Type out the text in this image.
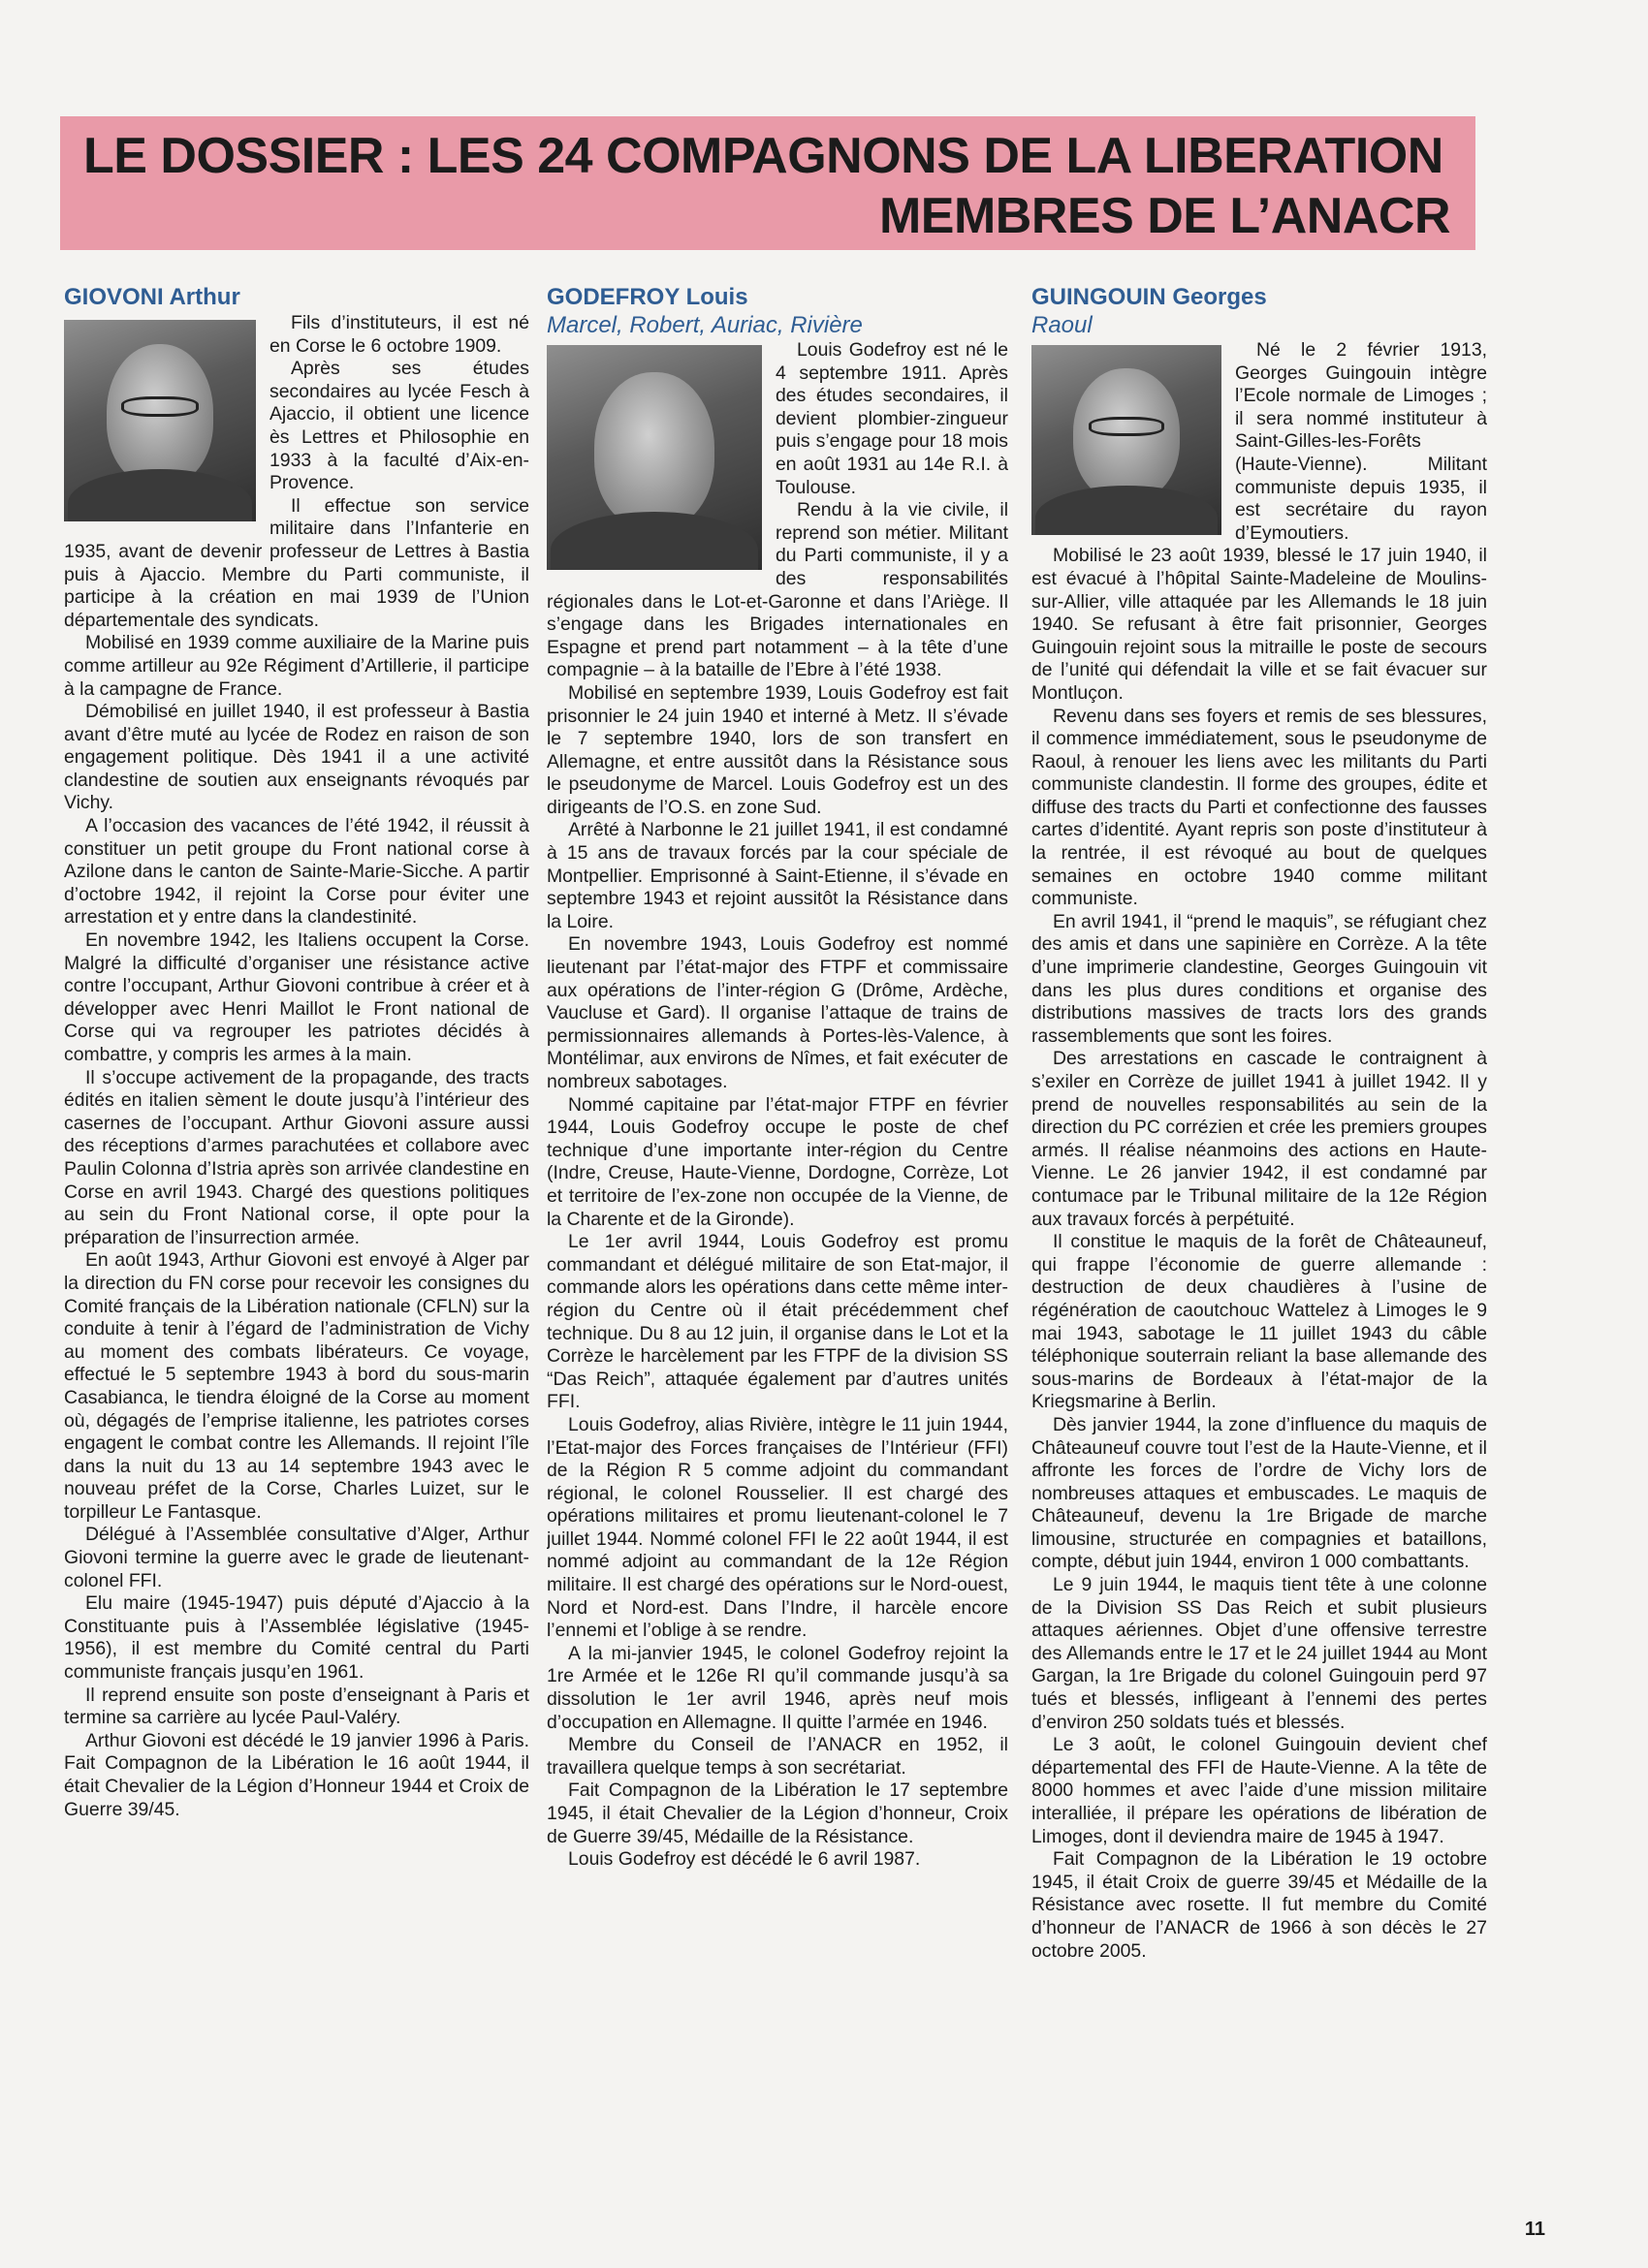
LE DOSSIER : LES 24 COMPAGNONS DE LA LIBERATION
MEMBRES DE L’ANACR
GIOVONI Arthur

Fils d’instituteurs, il est né en Corse le 6 octobre 1909.

Après ses études secondaires au lycée Fesch à Ajaccio, il obtient une licence ès Lettres et Philosophie en 1933 à la faculté d’Aix-en-Provence.

Il effectue son service militaire dans l’Infanterie en 1935, avant de devenir professeur de Lettres à Bastia puis à Ajaccio. Membre du Parti communiste, il participe à la création en mai 1939 de l’Union départementale des syndicats.

Mobilisé en 1939 comme auxiliaire de la Marine puis comme artilleur au 92e Régiment d’Artillerie, il participe à la campagne de France.

Démobilisé en juillet 1940, il est professeur à Bastia avant d’être muté au lycée de Rodez en raison de son engagement politique. Dès 1941 il a une activité clandestine de soutien aux enseignants révoqués par Vichy.

A l’occasion des vacances de l’été 1942, il réussit à constituer un petit groupe du Front national corse à Azilone dans le canton de Sainte-Marie-Sicche. A partir d’octobre 1942, il rejoint la Corse pour éviter une arrestation et y entre dans la clandestinité.

En novembre 1942, les Italiens occupent la Corse. Malgré la difficulté d’organiser une résistance active contre l’occupant, Arthur Giovoni contribue à créer et à développer avec Henri Maillot le Front national de Corse qui va regrouper les patriotes décidés à combattre, y compris les armes à la main.

Il s’occupe activement de la propagande, des tracts édités en italien sèment le doute jusqu’à l’intérieur des casernes de l’occupant. Arthur Giovoni assure aussi des réceptions d’armes parachutées et collabore avec Paulin Colonna d’Istria après son arrivée clandestine en Corse en avril 1943. Chargé des questions politiques au sein du Front National corse, il opte pour la préparation de l’insurrection armée.

En août 1943, Arthur Giovoni est envoyé à Alger par la direction du FN corse pour recevoir les consignes du Comité français de la Libération nationale (CFLN) sur la conduite à tenir à l’égard de l’administration de Vichy au moment des combats libérateurs. Ce voyage, effectué le 5 septembre 1943 à bord du sous-marin Casabianca, le tiendra éloigné de la Corse au moment où, dégagés de l’emprise italienne, les patriotes corses engagent le combat contre les Allemands. Il rejoint l’île dans la nuit du 13 au 14 septembre 1943 avec le nouveau préfet de la Corse, Charles Luizet, sur le torpilleur Le Fantasque.

Délégué à l’Assemblée consultative d’Alger, Arthur Giovoni termine la guerre avec le grade de lieutenant-colonel FFI.

Elu maire (1945-1947) puis député d’Ajaccio à la Constituante puis à l’Assemblée législative (1945-1956), il est membre du Comité central du Parti communiste français jusqu’en 1961.

Il reprend ensuite son poste d’enseignant à Paris et termine sa carrière au lycée Paul-Valéry.

Arthur Giovoni est décédé le 19 janvier 1996 à Paris. Fait Compagnon de la Libération le 16 août 1944, il était Chevalier de la Légion d’Honneur 1944 et Croix de Guerre 39/45.

GODEFROY Louis
Marcel, Robert, Auriac, Rivière

Louis Godefroy est né le 4 septembre 1911. Après des études secondaires, il devient plombier-zingueur puis s’engage pour 18 mois en août 1931 au 14e R.I. à Toulouse.

Rendu à la vie civile, il reprend son métier. Militant du Parti communiste, il y a des responsabilités régionales dans le Lot-et-Garonne et dans l’Ariège. Il s’engage dans les Brigades internationales en Espagne et prend part notamment – à la tête d’une compagnie – à la bataille de l’Ebre à l’été 1938.

Mobilisé en septembre 1939, Louis Godefroy est fait prisonnier le 24 juin 1940 et interné à Metz. Il s’évade le 7 septembre 1940, lors de son transfert en Allemagne, et entre aussitôt dans la Résistance sous le pseudonyme de Marcel. Louis Godefroy est un des dirigeants de l’O.S. en zone Sud.

Arrêté à Narbonne le 21 juillet 1941, il est condamné à 15 ans de travaux forcés par la cour spéciale de Montpellier. Emprisonné à Saint-Etienne, il s’évade en septembre 1943 et rejoint aussitôt la Résistance dans la Loire.

En novembre 1943, Louis Godefroy est nommé lieutenant par l’état-major des FTPF et commissaire aux opérations de l’inter-région G (Drôme, Ardèche, Vaucluse et Gard). Il organise l’attaque de trains de permissionnaires allemands à Portes-lès-Valence, à Montélimar, aux environs de Nîmes, et fait exécuter de nombreux sabotages.

Nommé capitaine par l’état-major FTPF en février 1944, Louis Godefroy occupe le poste de chef technique d’une importante inter-région du Centre (Indre, Creuse, Haute-Vienne, Dordogne, Corrèze, Lot et territoire de l’ex-zone non occupée de la Vienne, de la Charente et de la Gironde).

Le 1er avril 1944, Louis Godefroy est promu commandant et délégué militaire de son Etat-major, il commande alors les opérations dans cette même inter-région du Centre où il était précédemment chef technique. Du 8 au 12 juin, il organise dans le Lot et la Corrèze le harcèlement par les FTPF de la division SS “Das Reich”, attaquée également par d’autres unités FFI.

Louis Godefroy, alias Rivière, intègre le 11 juin 1944, l’Etat-major des Forces françaises de l’Intérieur (FFI) de la Région R 5 comme adjoint du commandant régional, le colonel Rousselier. Il est chargé des opérations militaires et promu lieutenant-colonel le 7 juillet 1944. Nommé colonel FFI le 22 août 1944, il est nommé adjoint au commandant de la 12e Région militaire. Il est chargé des opérations sur le Nord-ouest, Nord et Nord-est. Dans l’Indre, il harcèle encore l’ennemi et l’oblige à se rendre.

A la mi-janvier 1945, le colonel Godefroy rejoint la 1re Armée et le 126e RI qu’il commande jusqu’à sa dissolution le 1er avril 1946, après neuf mois d’occupation en Allemagne. Il quitte l’armée en 1946.

Membre du Conseil de l’ANACR en 1952, il travaillera quelque temps à son secrétariat.

Fait Compagnon de la Libération le 17 septembre 1945, il était Chevalier de la Légion d’honneur, Croix de Guerre 39/45, Médaille de la Résistance.

Louis Godefroy est décédé le 6 avril 1987.

GUINGOUIN Georges
Raoul

Né le 2 février 1913, Georges Guingouin intègre l’Ecole normale de Limoges ; il sera nommé instituteur à Saint-Gilles-les-Forêts (Haute-Vienne). Militant communiste depuis 1935, il est secrétaire du rayon d’Eymoutiers.

Mobilisé le 23 août 1939, blessé le 17 juin 1940, il est évacué à l’hôpital Sainte-Madeleine de Moulins-sur-Allier, ville attaquée par les Allemands le 18 juin 1940. Se refusant à être fait prisonnier, Georges Guingouin rejoint sous la mitraille le poste de secours de l’unité qui défendait la ville et se fait évacuer sur Montluçon.

Revenu dans ses foyers et remis de ses blessures, il commence immédiatement, sous le pseudonyme de Raoul, à renouer les liens avec les militants du Parti communiste clandestin. Il forme des groupes, édite et diffuse des tracts du Parti et confectionne des fausses cartes d’identité. Ayant repris son poste d’instituteur à la rentrée, il est révoqué au bout de quelques semaines en octobre 1940 comme militant communiste.

En avril 1941, il “prend le maquis”, se réfugiant chez des amis et dans une sapinière en Corrèze. A la tête d’une imprimerie clandestine, Georges Guingouin vit dans les plus dures conditions et organise des distributions massives de tracts lors des grands rassemblements que sont les foires.

Des arrestations en cascade le contraignent à s’exiler en Corrèze de juillet 1941 à juillet 1942. Il y prend de nouvelles responsabilités au sein de la direction du PC corrézien et crée les premiers groupes armés. Il réalise néanmoins des actions en Haute-Vienne. Le 26 janvier 1942, il est condamné par contumace par le Tribunal militaire de la 12e Région aux travaux forcés à perpétuité.

Il constitue le maquis de la forêt de Châteauneuf, qui frappe l’économie de guerre allemande : destruction de deux chaudières à l’usine de régénération de caoutchouc Wattelez à Limoges le 9 mai 1943, sabotage le 11 juillet 1943 du câble téléphonique souterrain reliant la base allemande des sous-marins de Bordeaux à l’état-major de la Kriegsmarine à Berlin.

Dès janvier 1944, la zone d’influence du maquis de Châteauneuf couvre tout l’est de la Haute-Vienne, et il affronte les forces de l’ordre de Vichy lors de nombreuses attaques et embuscades. Le maquis de Châteauneuf, devenu la 1re Brigade de marche limousine, structurée en compagnies et bataillons, compte, début juin 1944, environ 1 000 combattants.

Le 9 juin 1944, le maquis tient tête à une colonne de la Division SS Das Reich et subit plusieurs attaques aériennes. Objet d’une offensive terrestre des Allemands entre le 17 et le 24 juillet 1944 au Mont Gargan, la 1re Brigade du colonel Guingouin perd 97 tués et blessés, infligeant à l’ennemi des pertes d’environ 250 soldats tués et blessés.

Le 3 août, le colonel Guingouin devient chef départemental des FFI de Haute-Vienne. A la tête de 8000 hommes et avec l’aide d’une mission militaire interalliée, il prépare les opérations de libération de Limoges, dont il deviendra maire de 1945 à 1947.

Fait Compagnon de la Libération le 19 octobre 1945, il était Croix de guerre 39/45 et Médaille de la Résistance avec rosette. Il fut membre du Comité d’honneur de l’ANACR de 1966 à son décès le 27 octobre 2005.

11
